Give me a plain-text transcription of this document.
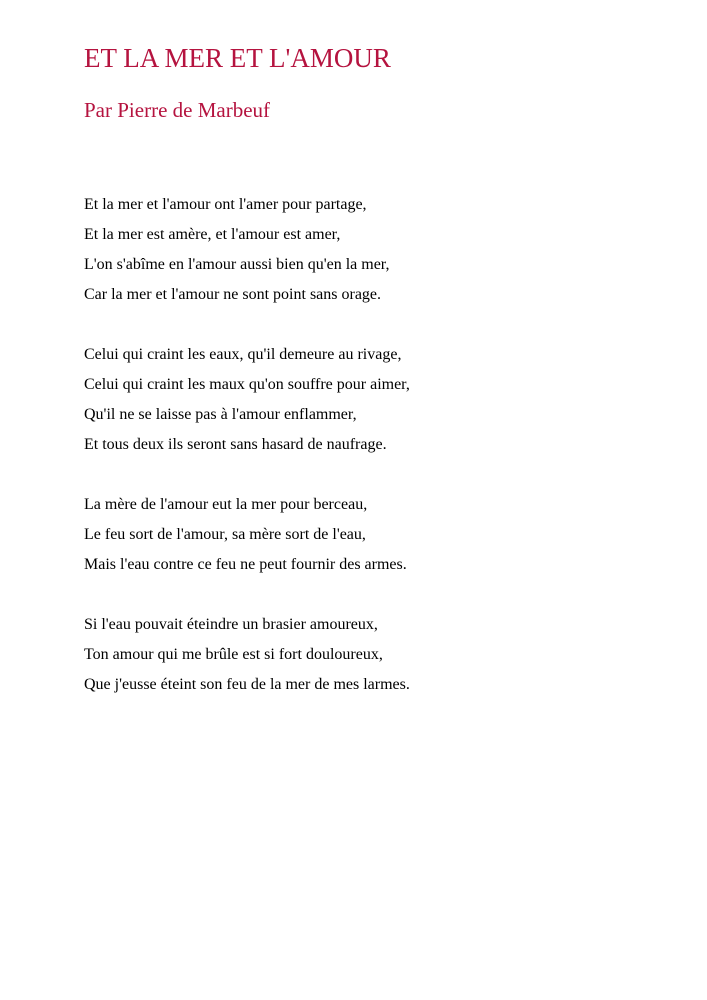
ET LA MER ET L'AMOUR
Par Pierre de Marbeuf
Et la mer et l'amour ont l'amer pour partage,
Et la mer est amère, et l'amour est amer,
L'on s'abîme en l'amour aussi bien qu'en la mer,
Car la mer et l'amour ne sont point sans orage.
Celui qui craint les eaux, qu'il demeure au rivage,
Celui qui craint les maux qu'on souffre pour aimer,
Qu'il ne se laisse pas à l'amour enflammer,
Et tous deux ils seront sans hasard de naufrage.
La mère de l'amour eut la mer pour berceau,
Le feu sort de l'amour, sa mère sort de l'eau,
Mais l'eau contre ce feu ne peut fournir des armes.
Si l'eau pouvait éteindre un brasier amoureux,
Ton amour qui me brûle est si fort douloureux,
Que j'eusse éteint son feu de la mer de mes larmes.
